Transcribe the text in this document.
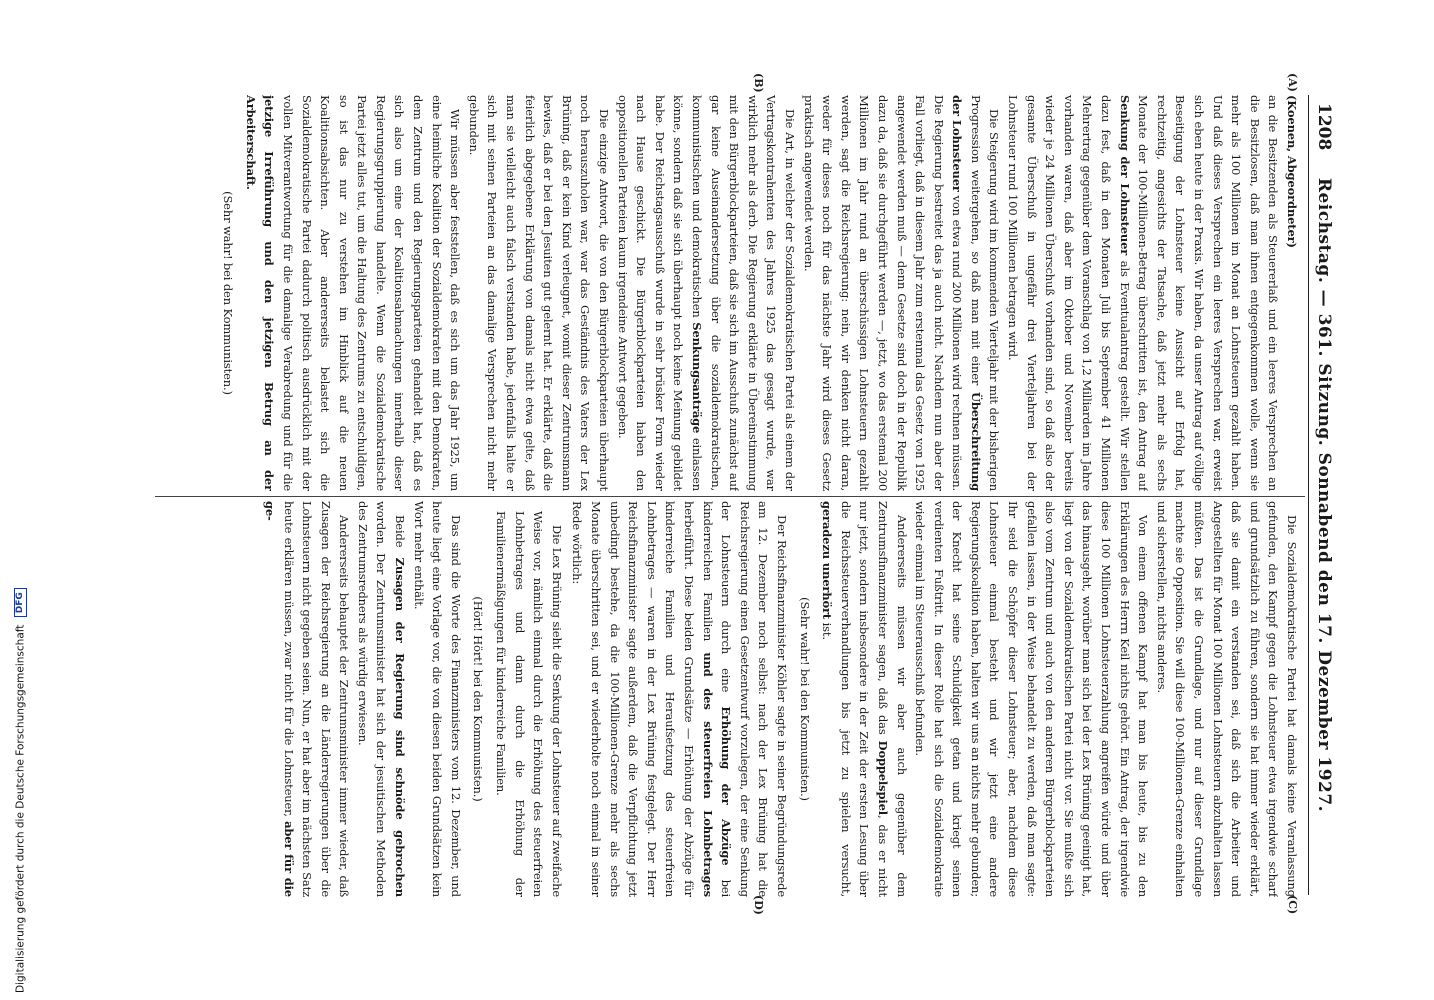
Digitalisierung gefördert durch die Deutsche Forschungsgemeinschaft DFG
1208
Reichstag. — 361. Sitzung. Sonnabend den 17. Dezember 1927.
(A)
(B)
(C)
(D)

(Koenen, Abgeordneter)

an die Besitzenden als Steuererlaß und ein leeres Versprechen an die Besitzlosen, daß man ihnen entgegenkommen wolle, wenn sie mehr als 100 Millionen im Monat an Lohnsteuern gezahlt haben. Und daß dieses Versprechen ein leeres Versprechen war, erweist sich eben heute in der Praxis. Wir haben, da unser Antrag auf völlige Beseitigung der Lohnsteuer keine Aussicht auf Erfolg hat, rechtzeitig, angesichts der Tatsache, daß jetzt mehr als sechs Monate der 100-Millionen-Betrag überschritten ist, den Antrag auf Senkung der Lohnsteuer als Eventualantrag gestellt. Wir stellen dazu fest, daß in den Monaten Juli bis September 41 Millionen Mehrertrag gegenüber dem Voranschlag von 1,2 Milliarden im Jahre vorhanden waren, daß aber im Oktober und November bereits wieder je 24 Millionen Überschuß vorhanden sind, so daß also der gesamte Überschuß in ungefähr drei Vierteljahren bei der Lohnsteuer rund 100 Millionen betragen wird.

Die Steigerung wird im kommenden Vierteljahr mit der bisherigen Progression weitergehen, so daß man mit einer Überschreitung der Lohnsteuer von etwa rund 200 Millionen wird rechnen müssen. Die Regierung bestreitet das ja auch nicht. Nachdem nun aber der Fall vorliegt, daß in diesem Jahr zum erstenmal das Gesetz von 1925 angewendet werden muß — denn Gesetze sind doch in der Republik dazu da, daß sie durchgeführt werden —, jetzt, wo das erstemal 200 Millionen im Jahr rund an überschüssigen Lohnsteuern gezahlt werden, sagt die Reichsregierung: nein, wir denken nicht daran, weder für dieses noch für das nächste Jahr wird dieses Gesetz praktisch angewendet werden.

Die Art, in welcher der Sozialdemokratischen Partei als einem der Vertragskontrahenten des Jahres 1925 das gesagt wurde, war wirklich mehr als derb. Die Regierung erklärte in Übereinstimmung mit den Bürgerblockparteien, daß sie sich im Ausschuß zunächst auf gar keine Auseinandersetzung über die sozialdemokratischen, kommunistischen und demokratischen Senkungsanträge einlassen könne, sondern daß sie sich überhaupt noch keine Meinung gebildet habe. Der Reichstagsausschuß wurde in sehr brüsker Form wieder nach Hause geschickt. Die Bürgerblockparteien haben den oppositionellen Parteien kaum irgendeine Antwort gegeben.

Die einzige Antwort, die von den Bürgerblockparteien überhaupt noch herauszuholen war, war das Geständnis des Vaters der Lex Brüning, daß er kein Kind verleugnet, womit dieser Zentrumsmann bewies, daß er bei den Jesuiten gut gelernt hat. Er erklärte, daß die feierlich abgegebene Erklärung von damals nicht etwa gelte, daß man sie vielleicht auch falsch verstanden habe, jedenfalls halte er sich mit seinen Parteien an das damalige Versprechen nicht mehr gebunden.

Wir müssen aber feststellen, daß es sich um das Jahr 1925, um eine heimliche Koalition der Sozialdemokraten mit den Demokraten, dem Zentrum und den Regierungsparteien gehandelt hat, daß es sich also um eine der Koalitionsabmachungen innerhalb dieser Regierungsgruppierung handelte. Wenn die Sozialdemokratische Partei jetzt alles tut, um die Haltung des Zentrums zu entschuldigen, so ist das nur zu verstehen im Hinblick auf die neuen Koalitionsabsichten. Aber andererseits belastet sich die Sozialdemokratische Partei dadurch politisch ausdrücklich mit der vollen Mitverantwortung für die damalige Verabredung und für die jetzige Irreführung und den jetzigen Betrug an der Arbeiterschaft.

(Sehr wahr! bei den Kommunisten.)

Die Sozialdemokratische Partei hat damals keine Veranlassung gefunden, den Kampf gegen die Lohnsteuer etwa irgendwie scharf und grundsätzlich zu führen, sondern sie hat immer wieder erklärt, daß sie damit ein verstanden sei, daß sich die Arbeiter und Angestellten für Monat 100 Millionen Lohnsteuern abzuhalten lassen müßten. Das ist die Grundlage, und nur auf dieser Grundlage machte sie Opposition. Sie will diese 100-Millionen-Grenze einhalten und sicherstellen, nichts anderes.

Von einem offenen Kampf hat man bis heute, bis zu den Erklärungen des Herrn Keil nichts gehört. Ein Antrag, der irgendwie diese 100 Millionen Lohnsteuerzahlung angreifen würde und über das hinausgeht, worüber man sich bei der Lex Brüning geeinigt hat, liegt von der Sozialdemokratischen Partei nicht vor. Sie mußte sich also vom Zentrum und auch von den anderen Bürgerblockparteien gefallen lassen, in der Weise behandelt zu werden, daß man sagte: Ihr seid die Schöpfer dieser Lohnsteuer; aber, nachdem diese Lohnsteuer einmal besteht und wir jetzt eine andere Regierungskoalition haben, halten wir uns an nichts mehr gebunden; der Knecht hat seine Schuldigkeit getan und kriegt seinen verdienten Fußtritt. In dieser Rolle hat sich die Sozialdemokratie wieder einmal im Steuerausschuß befunden.

Andererseits müssen wir aber auch gegenüber dem Zentrumsfinanzminister sagen, daß das Doppelspiel, das er nicht nur jetzt, sondern insbesondere in der Zeit der ersten Lesung über die Reichssteuerverhandlungen bis jetzt zu spielen versucht, geradezu unerhört ist.

(Sehr wahr! bei den Kommunisten.)

Der Reichsfinanzminister Köhler sagte in seiner Begründungsrede am 12. Dezember noch selbst: nach der Lex Brüning hat die Reichsregierung einen Gesetzentwurf vorzulegen, der eine Senkung der Lohnsteuern durch eine Erhöhung der Abzüge bei kinderreichen Familien und des steuerfreien Lohnbetrages herbeiführt. Diese beiden Grundsätze — Erhöhung der Abzüge für kinderreiche Familien und Heraufsetzung des steuerfreien Lohnbetrages — waren in der Lex Brüning festgelegt. Der Herr Reichsfinanzminister sagte außerdem, daß die Verpflichtung jetzt unbedingt bestehe, da die 100-Millionen-Grenze mehr als sechs Monate überschritten sei, und er wiederholte noch einmal in seiner Rede wörtlich:

Die Lex Brüning sieht die Senkung der Lohnsteuer auf zweifache Weise vor, nämlich einmal durch die Erhöhung des steuerfreien Lohnbetrages und dann durch die Erhöhung der Familienermäßigungen für kinderreiche Familien.

(Hört! Hört! bei den Kommunisten.)

Das sind die Worte des Finanzministers vom 12. Dezember, und heute liegt eine Vorlage vor, die von diesen beiden Grundsätzen kein Wort mehr enthält.

Beide Zusagen der Regierung sind schnöde gebrochen worden. Der Zentrumsminister hat sich der jesuitischen Methoden des Zentrumsredners als würdig erwiesen.

Andererseits behauptet der Zentrumsminister immer wieder, daß Zusagen der Reichsregierung an die Länderregierungen über die Lohnsteuern nicht gegeben seien. Nun, er hat aber im nächsten Satz heute erklären müssen, zwar nicht für die Lohnsteuer, aber für die ge-
